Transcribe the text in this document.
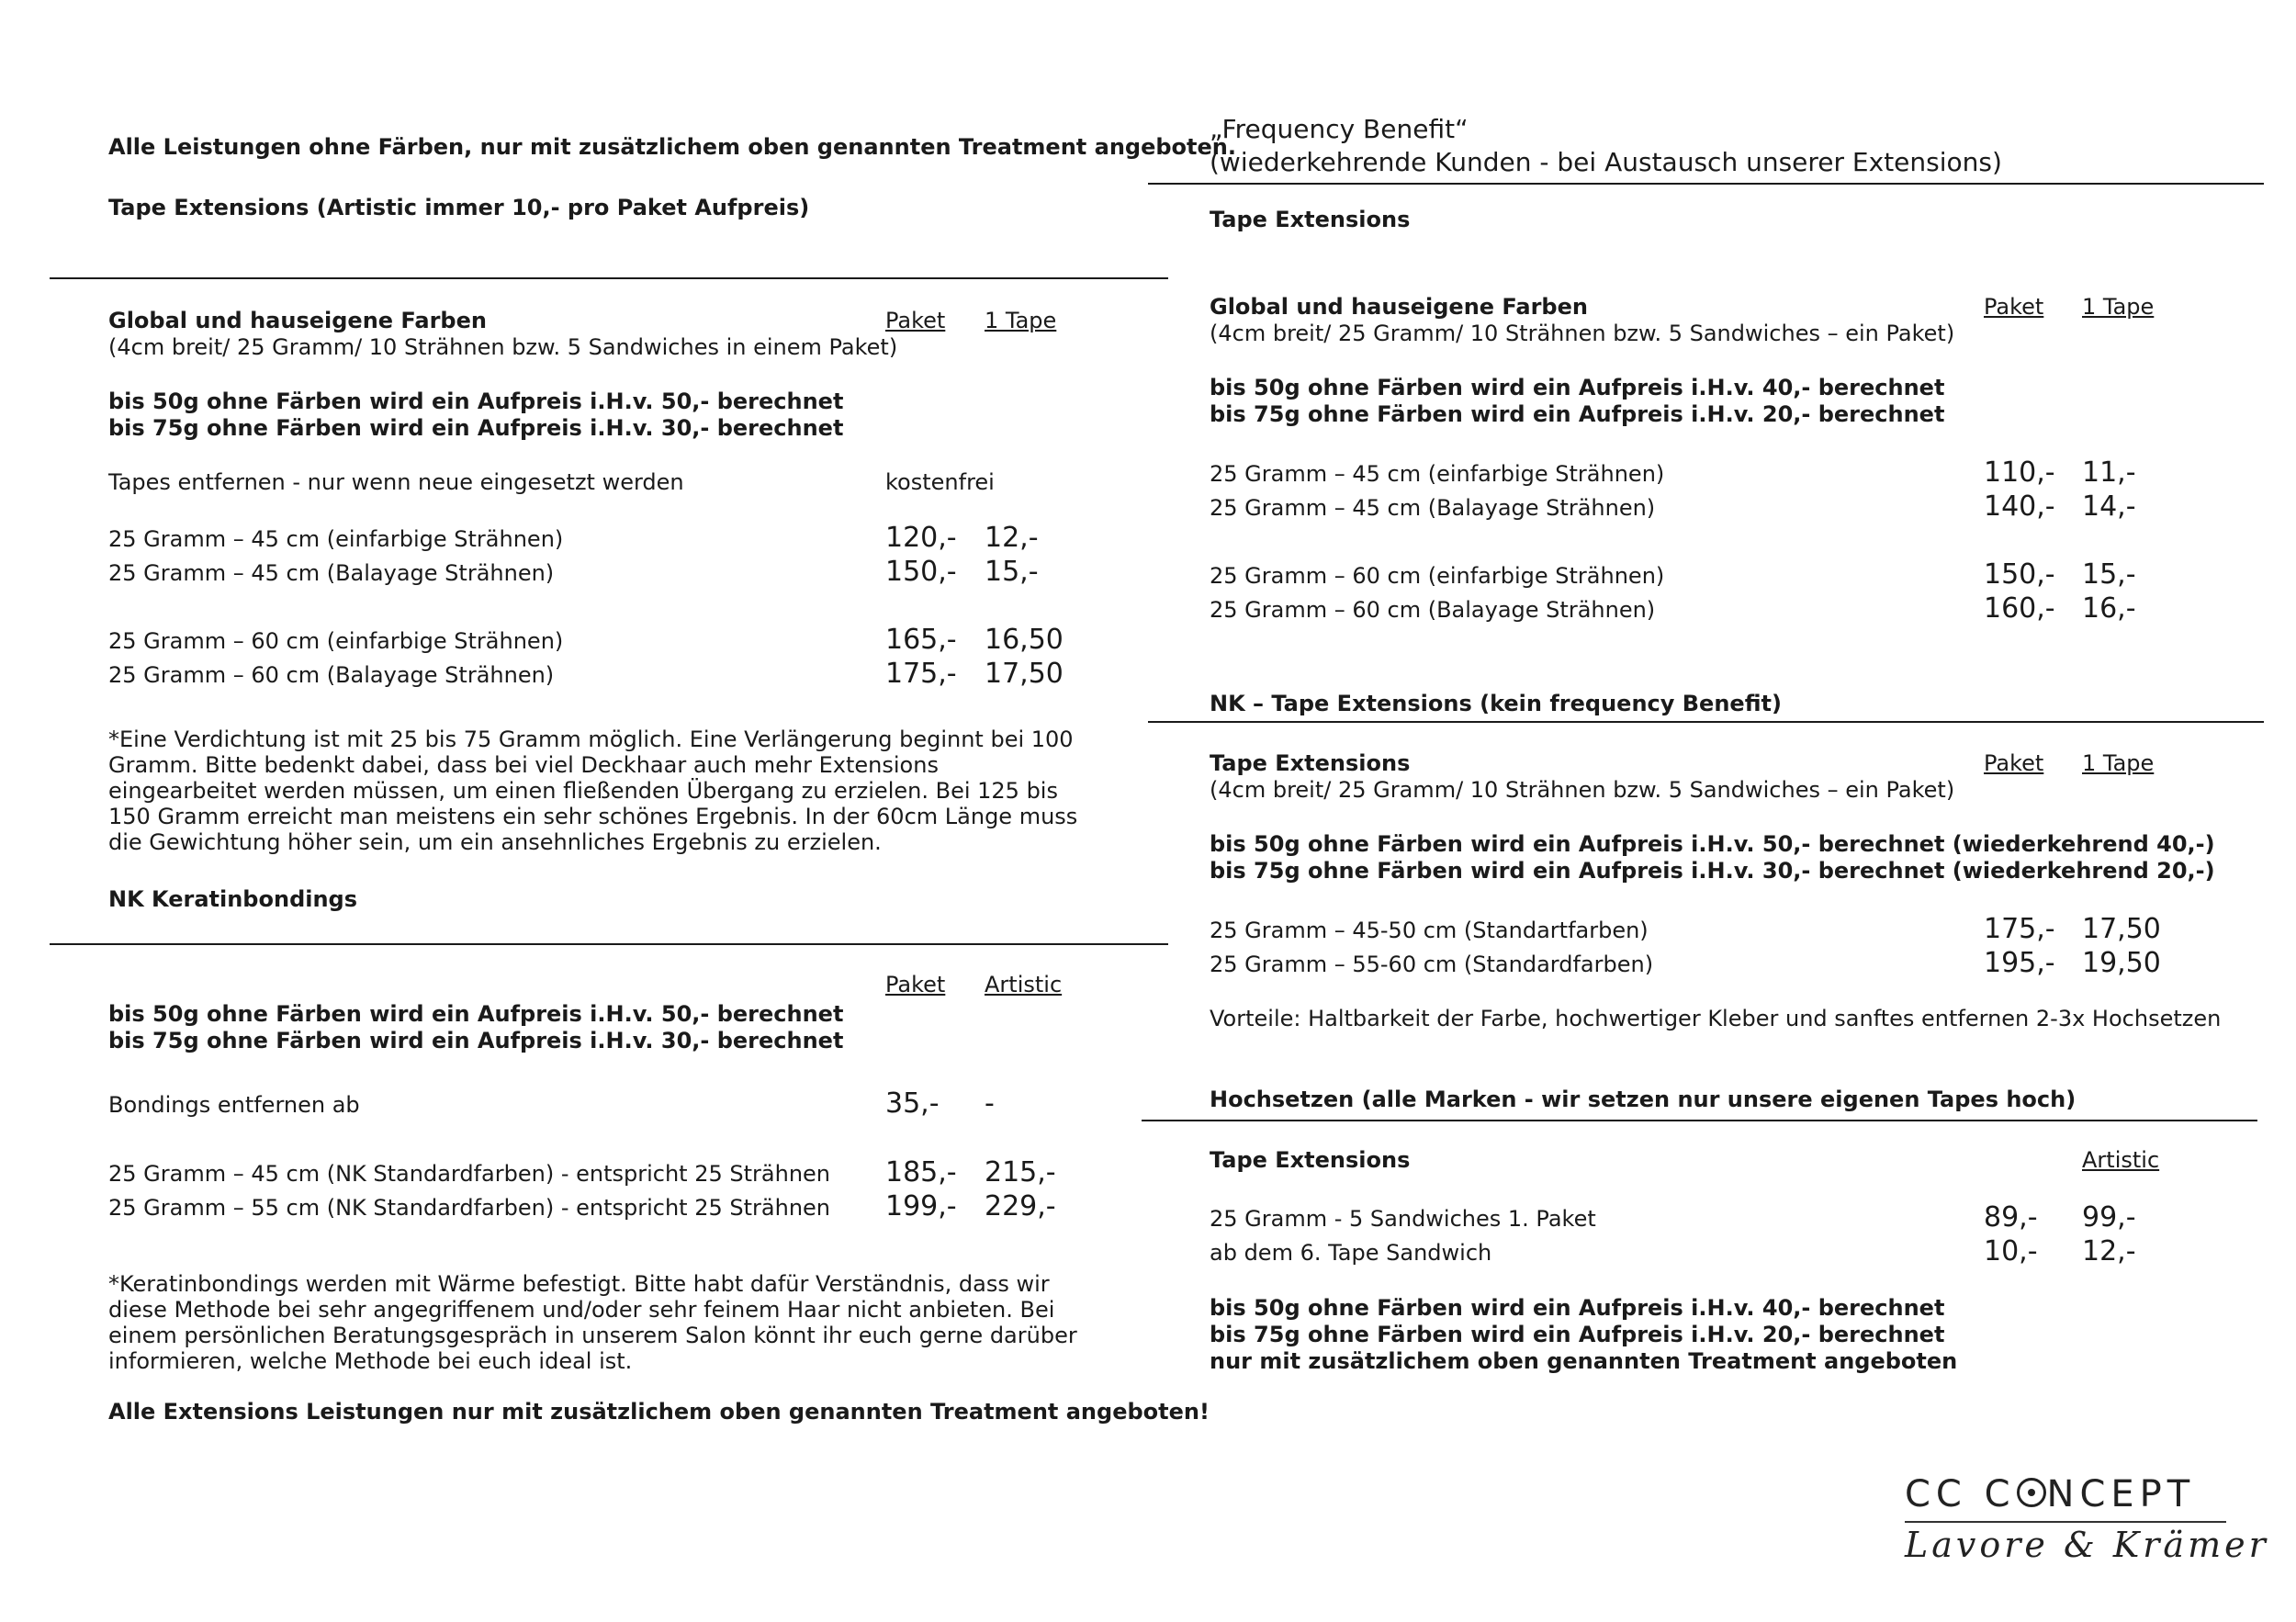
Alle Leistungen ohne Färben, nur mit zusätzlichem oben genannten Treatment angeboten.
Tape Extensions (Artistic immer 10,- pro Paket Aufpreis)
Global und hauseigene Farben
(4cm breit/ 25 Gramm/ 10 Strähnen bzw. 5 Sandwiches in einem Paket)
Paket 1 Tape
bis 50g ohne Färben wird ein Aufpreis i.H.v. 50,- berechnet
bis 75g ohne Färben wird ein Aufpreis i.H.v. 30,- berechnet
Tapes entfernen - nur wenn neue eingesetzt werden	kostenfrei
25 Gramm – 45 cm (einfarbige Strähnen)	120,- 12,-
25 Gramm – 45 cm (Balayage Strähnen)	150,- 15,-
25 Gramm – 60 cm (einfarbige Strähnen)	165,- 16,50
25 Gramm – 60 cm (Balayage Strähnen)	175,- 17,50
*Eine Verdichtung ist mit 25 bis 75 Gramm möglich. Eine Verlängerung beginnt bei 100 Gramm. Bitte bedenkt dabei, dass bei viel Deckhaar auch mehr Extensions eingearbeitet werden müssen, um einen fließenden Übergang zu erzielen. Bei 125 bis 150 Gramm erreicht man meistens ein sehr schönes Ergebnis. In der 60cm Länge muss die Gewichtung höher sein, um ein ansehnliches Ergebnis zu erzielen.
NK Keratinbondings
Paket Artistic
bis 50g ohne Färben wird ein Aufpreis i.H.v. 50,- berechnet
bis 75g ohne Färben wird ein Aufpreis i.H.v. 30,- berechnet
Bondings entfernen ab	35,- -
25 Gramm – 45 cm (NK Standardfarben) - entspricht 25 Strähnen 185,- 215,-
25 Gramm – 55 cm (NK Standardfarben) - entspricht 25 Strähnen 199,- 229,-
*Keratinbondings werden mit Wärme befestigt. Bitte habt dafür Verständnis, dass wir diese Methode bei sehr angegriffenem und/oder sehr feinem Haar nicht anbieten. Bei einem persönlichen Beratungsgespräch in unserem Salon könnt ihr euch gerne darüber informieren, welche Methode bei euch ideal ist.
Alle Extensions Leistungen nur mit zusätzlichem oben genannten Treatment angeboten!
„Frequency Benefit“
(wiederkehrende Kunden - bei Austausch unserer Extensions)
Tape Extensions
Global und hauseigene Farben
(4cm breit/ 25 Gramm/ 10 Strähnen bzw. 5 Sandwiches – ein Paket)
Paket 1 Tape
bis 50g ohne Färben wird ein Aufpreis i.H.v. 40,- berechnet
bis 75g ohne Färben wird ein Aufpreis i.H.v. 20,- berechnet
25 Gramm – 45 cm (einfarbige Strähnen)	110,- 11,-
25 Gramm – 45 cm (Balayage Strähnen)	140,- 14,-
25 Gramm – 60 cm (einfarbige Strähnen)	150,- 15,-
25 Gramm – 60 cm (Balayage Strähnen)	160,- 16,-
NK – Tape Extensions (kein frequency Benefit)
Tape Extensions
(4cm breit/ 25 Gramm/ 10 Strähnen bzw. 5 Sandwiches – ein Paket)
Paket 1 Tape
bis 50g ohne Färben wird ein Aufpreis i.H.v. 50,- berechnet (wiederkehrend 40,-)
bis 75g ohne Färben wird ein Aufpreis i.H.v. 30,- berechnet (wiederkehrend 20,-)
25 Gramm – 45-50 cm (Standartfarben)	175,- 17,50
25 Gramm – 55-60 cm (Standardfarben)	195,- 19,50
Vorteile: Haltbarkeit der Farbe, hochwertiger Kleber und sanftes entfernen 2-3x Hochsetzen
Hochsetzen (alle Marken - wir setzen nur unsere eigenen Tapes hoch)
Tape Extensions	Artistic
25 Gramm - 5 Sandwiches 1. Paket	89,- 99,-
ab dem 6. Tape Sandwich	10,- 12,-
bis 50g ohne Färben wird ein Aufpreis i.H.v. 40,- berechnet
bis 75g ohne Färben wird ein Aufpreis i.H.v. 20,- berechnet
nur mit zusätzlichem oben genannten Treatment angeboten
CC C NCEPT
Lavore & Krämer
